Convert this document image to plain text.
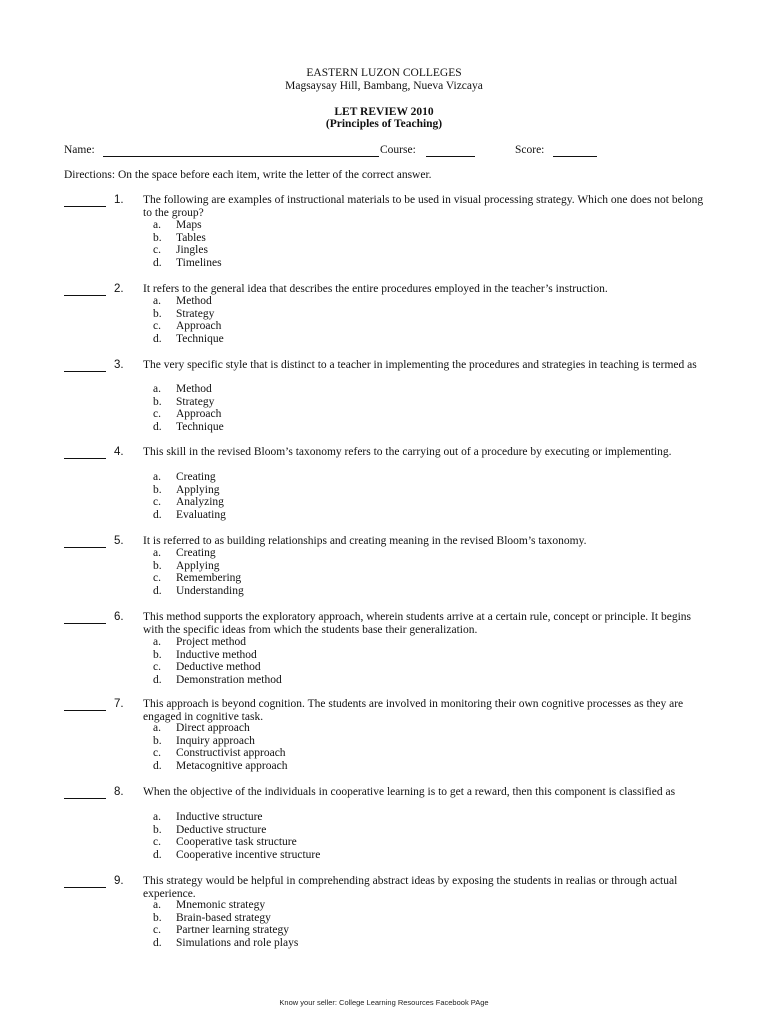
EASTERN LUZON COLLEGES
Magsaysay Hill, Bambang, Nueva Vizcaya
LET REVIEW 2010
(Principles of Teaching)
Name:	Course:	Score:
Directions: On the space before each item, write the letter of the correct answer.
1. The following are examples of instructional materials to be used in visual processing strategy. Which one does not belong to the group?
a. Maps
b. Tables
c. Jingles
d. Timelines
2. It refers to the general idea that describes the entire procedures employed in the teacher’s instruction.
a. Method
b. Strategy
c. Approach
d. Technique
3. The very specific style that is distinct to a teacher in implementing the procedures and strategies in teaching is termed as
a. Method
b. Strategy
c. Approach
d. Technique
4. This skill in the revised Bloom’s taxonomy refers to the carrying out of a procedure by executing or implementing.
a. Creating
b. Applying
c. Analyzing
d. Evaluating
5. It is referred to as building relationships and creating meaning in the revised Bloom’s taxonomy.
a. Creating
b. Applying
c. Remembering
d. Understanding
6. This method supports the exploratory approach, wherein students arrive at a certain rule, concept or principle. It begins with the specific ideas from which the students base their generalization.
a. Project method
b. Inductive method
c. Deductive method
d. Demonstration method
7. This approach is beyond cognition. The students are involved in monitoring their own cognitive processes as they are engaged in cognitive task.
a. Direct approach
b. Inquiry approach
c. Constructivist approach
d. Metacognitive approach
8. When the objective of the individuals in cooperative learning is to get a reward, then this component is classified as
a. Inductive structure
b. Deductive structure
c. Cooperative task structure
d. Cooperative incentive structure
9. This strategy would be helpful in comprehending abstract ideas by exposing the students in realias or through actual experience.
a. Mnemonic strategy
b. Brain-based strategy
c. Partner learning strategy
d. Simulations and role plays
Know your seller: College Learning Resources Facebook PAge
